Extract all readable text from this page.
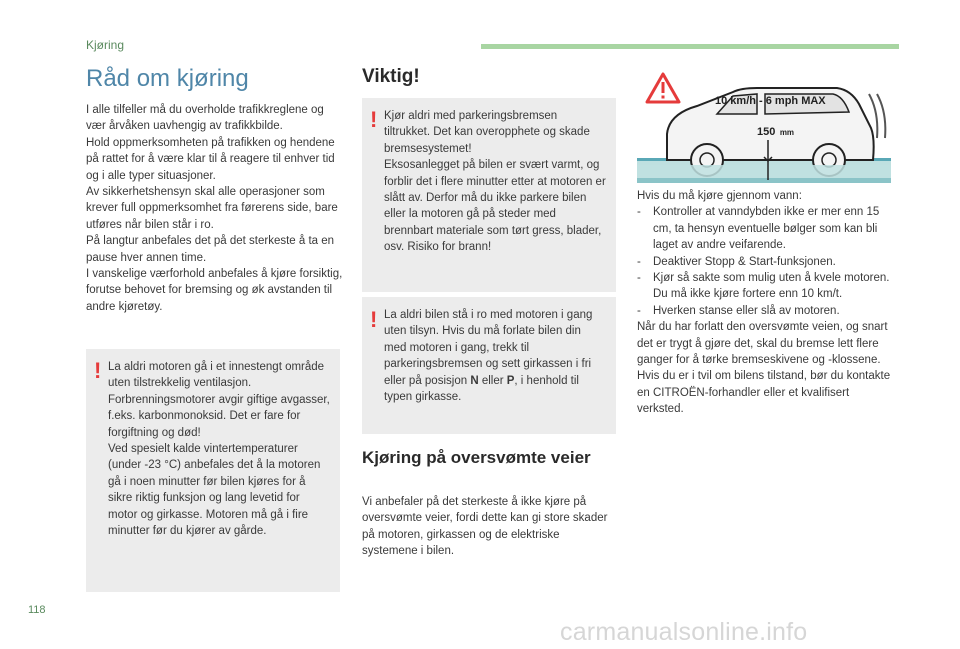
Kjøring
Råd om kjøring

I alle tilfeller må du overholde trafikkreglene og vær årvåken uavhengig av trafikkbilde.

Hold oppmerksomheten på trafikken og hendene på rattet for å være klar til å reagere til enhver tid og i alle typer situasjoner.

Av sikkerhetshensyn skal alle operasjoner som krever full oppmerksomhet fra førerens side, bare utføres når bilen står i ro.

På langtur anbefales det på det sterkeste å ta en pause hver annen time.

I vanskelige værforhold anbefales å kjøre forsiktig, forutse behovet for bremsing og øk avstanden til andre kjøretøy.

! La aldri motoren gå i et innestengt område uten tilstrekkelig ventilasjon.

Forbrenningsmotorer avgir giftige avgasser, f.eks. karbonmonoksid. Det er fare for forgiftning og død!

Ved spesielt kalde vintertemperaturer (under -23 °C) anbefales det å la motoren gå i noen minutter før bilen kjøres for å sikre riktig funksjon og lang levetid for motor og girkasse. Motoren må gå i fire minutter før du kjører av gårde.

Viktig!
! Kjør aldri med parkeringsbremsen tiltrukket. Det kan overopphete og skade bremsesystemet!

Eksosanlegget på bilen er svært varmt, og forblir det i flere minutter etter at motoren er slått av. Derfor må du ikke parkere bilen eller la motoren gå på steder med brennbart materiale som tørt gress, blader, osv. Risiko for brann!

! La aldri bilen stå i ro med motoren i gang uten tilsyn. Hvis du må forlate bilen din med motoren i gang, trekk til parkeringsbremsen og sett girkassen i fri eller på posisjon N eller P, i henhold til typen girkasse.

Kjøring på oversvømte veier

Vi anbefaler på det sterkeste å ikke kjøre på oversvømte veier, fordi dette kan gi store skader på motoren, girkassen og de elektriske systemene i bilen.

10 km/h - 6 mph MAX
150 mm

Hvis du må kjøre gjennom vann:

-	Kontroller at vanndybden ikke er mer enn 15 cm, ta hensyn eventuelle bølger som kan bli laget av andre veifarende.
-	Deaktiver Stopp & Start-funksjonen.
-	Kjør så sakte som mulig uten å kvele motoren. Du må ikke kjøre fortere enn 10 km/t.
-	Hverken stanse eller slå av motoren.

Når du har forlatt den oversvømte veien, og snart det er trygt å gjøre det, skal du bremse lett flere ganger for å tørke bremseskivene og -klossene.

Hvis du er i tvil om bilens tilstand, bør du kontakte en CITROËN-forhandler eller et kvalifisert verksted.

118
carmanualsonline.info
